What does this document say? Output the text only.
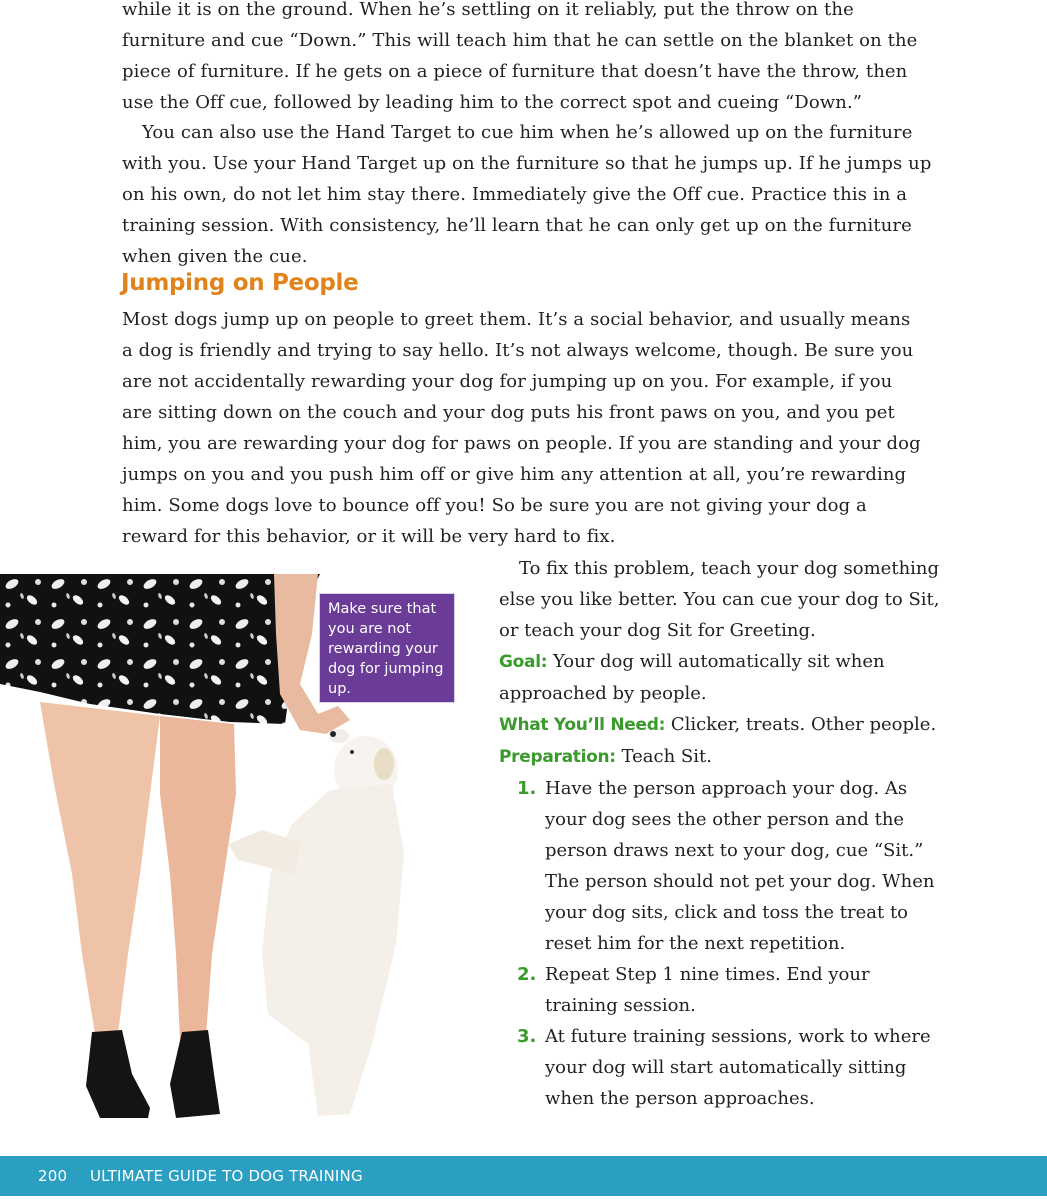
while it is on the ground. When he’s settling on it reliably, put the throw on the furniture and cue “Down.” This will teach him that he can settle on the blanket on the piece of furniture. If he gets on a piece of furniture that doesn’t have the throw, then use the Off cue, followed by leading him to the correct spot and cueing “Down.”

You can also use the Hand Target to cue him when he’s allowed up on the furniture with you. Use your Hand Target up on the furniture so that he jumps up. If he jumps up on his own, do not let him stay there. Immediately give the Off cue. Practice this in a training session. With consistency, he’ll learn that he can only get up on the furniture when given the cue.

Jumping on People

Most dogs jump up on people to greet them. It’s a social behavior, and usually means a dog is friendly and trying to say hello. It’s not always welcome, though. Be sure you are not accidentally rewarding your dog for jumping up on you. For example, if you are sitting down on the couch and your dog puts his front paws on you, and you pet him, you are rewarding your dog for paws on people. If you are standing and your dog jumps on you and you push him off or give him any attention at all, you’re rewarding him. Some dogs love to bounce off you! So be sure you are not giving your dog a reward for this behavior, or it will be very hard to fix.

Make sure that you are not rewarding your dog for jumping up.

To fix this problem, teach your dog something else you like better. You can cue your dog to Sit, or teach your dog Sit for Greeting.

Goal: Your dog will automatically sit when approached by people.

What You’ll Need: Clicker, treats. Other people.

Preparation: Teach Sit.

1. Have the person approach your dog. As your dog sees the other person and the person draws next to your dog, cue “Sit.” The person should not pet your dog. When your dog sits, click and toss the treat to reset him for the next repetition.
2. Repeat Step 1 nine times. End your training session.
3. At future training sessions, work to where your dog will start automatically sitting when the person approaches.
200 ULTIMATE GUIDE TO DOG TRAINING
